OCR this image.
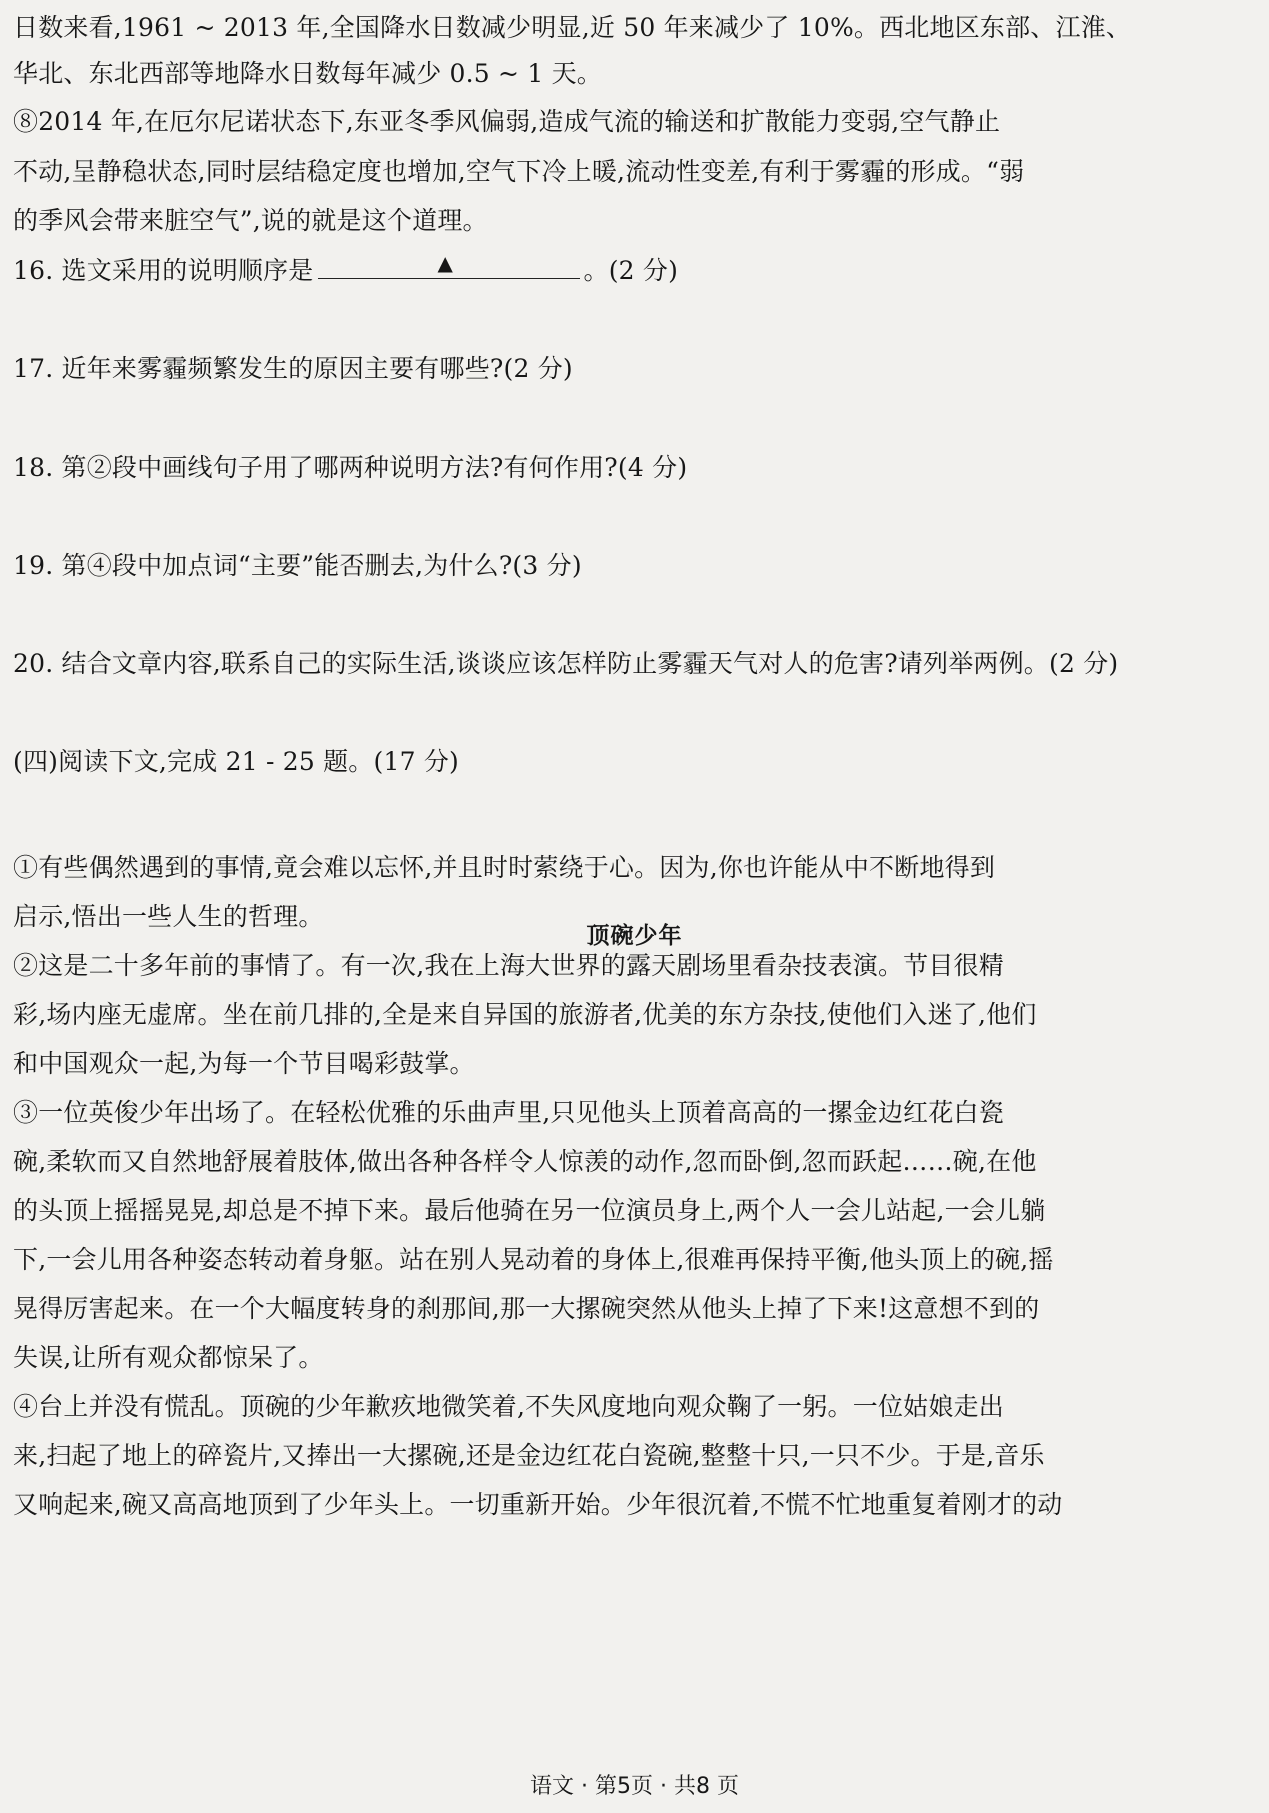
日数来看,1961 ~ 2013 年,全国降水日数减少明显,近 50 年来减少了 10%。西北地区东部、江淮、
华北、东北西部等地降水日数每年减少 0.5 ~ 1 天。
⑧2014 年,在厄尔尼诺状态下,东亚冬季风偏弱,造成气流的输送和扩散能力变弱,空气静止
不动,呈静稳状态,同时层结稳定度也增加,空气下冷上暖,流动性变差,有利于雾霾的形成。“弱
的季风会带来脏空气”,说的就是这个道理。
16. 选文采用的说明顺序是	▲	。(2 分)
17. 近年来雾霾频繁发生的原因主要有哪些?(2 分)
18. 第②段中画线句子用了哪两种说明方法?有何作用?(4 分)
19. 第④段中加点词“主要”能否删去,为什么?(3 分)
20. 结合文章内容,联系自己的实际生活,谈谈应该怎样防止雾霾天气对人的危害?请列举两例。(2 分)
(四)阅读下文,完成 21 - 25 题。(17 分)
顶碗少年
①有些偶然遇到的事情,竟会难以忘怀,并且时时萦绕于心。因为,你也许能从中不断地得到
启示,悟出一些人生的哲理。
②这是二十多年前的事情了。有一次,我在上海大世界的露天剧场里看杂技表演。节目很精
彩,场内座无虚席。坐在前几排的,全是来自异国的旅游者,优美的东方杂技,使他们入迷了,他们
和中国观众一起,为每一个节目喝彩鼓掌。
③一位英俊少年出场了。在轻松优雅的乐曲声里,只见他头上顶着高高的一摞金边红花白瓷
碗,柔软而又自然地舒展着肢体,做出各种各样令人惊羡的动作,忽而卧倒,忽而跃起……碗,在他
的头顶上摇摇晃晃,却总是不掉下来。最后他骑在另一位演员身上,两个人一会儿站起,一会儿躺
下,一会儿用各种姿态转动着身躯。站在别人晃动着的身体上,很难再保持平衡,他头顶上的碗,摇
晃得厉害起来。在一个大幅度转身的刹那间,那一大摞碗突然从他头上掉了下来!这意想不到的
失误,让所有观众都惊呆了。
④台上并没有慌乱。顶碗的少年歉疚地微笑着,不失风度地向观众鞠了一躬。一位姑娘走出
来,扫起了地上的碎瓷片,又捧出一大摞碗,还是金边红花白瓷碗,整整十只,一只不少。于是,音乐
又响起来,碗又高高地顶到了少年头上。一切重新开始。少年很沉着,不慌不忙地重复着刚才的动
语文 · 第5页 · 共8 页
